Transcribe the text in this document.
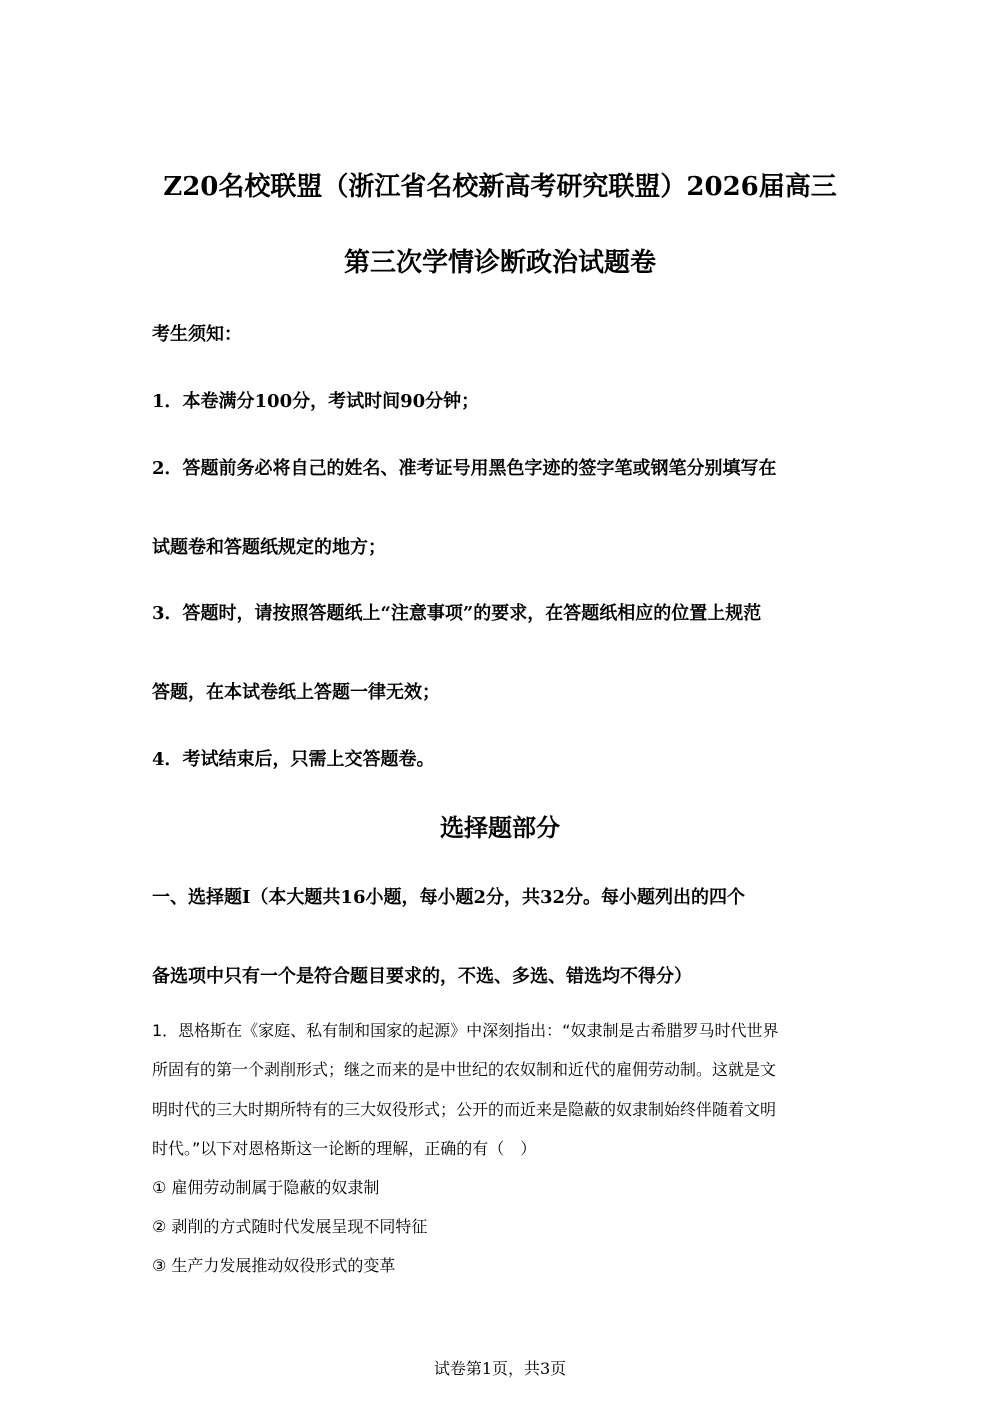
Z20名校联盟（浙江省名校新高考研究联盟）2026届高三
第三次学情诊断政治试题卷
考生须知：
1．本卷满分100分，考试时间90分钟；
2．答题前务必将自己的姓名、准考证号用黑色字迹的签字笔或钢笔分别填写在
试题卷和答题纸规定的地方；
3．答题时，请按照答题纸上“注意事项”的要求，在答题纸相应的位置上规范
答题，在本试卷纸上答题一律无效；
4．考试结束后，只需上交答题卷。
选择题部分
一、选择题Ⅰ（本大题共16小题，每小题2分，共32分。每小题列出的四个
备选项中只有一个是符合题目要求的，不选、多选、错选均不得分）
1．恩格斯在《家庭、私有制和国家的起源》中深刻指出：“奴隶制是古希腊罗马时代世界
所固有的第一个剥削形式；继之而来的是中世纪的农奴制和近代的雇佣劳动制。这就是文
明时代的三大时期所特有的三大奴役形式；公开的而近来是隐蔽的奴隶制始终伴随着文明
时代。”以下对恩格斯这一论断的理解，正确的有（　）
① 雇佣劳动制属于隐蔽的奴隶制
② 剥削的方式随时代发展呈现不同特征
③ 生产力发展推动奴役形式的变革
试卷第1页，共3页
